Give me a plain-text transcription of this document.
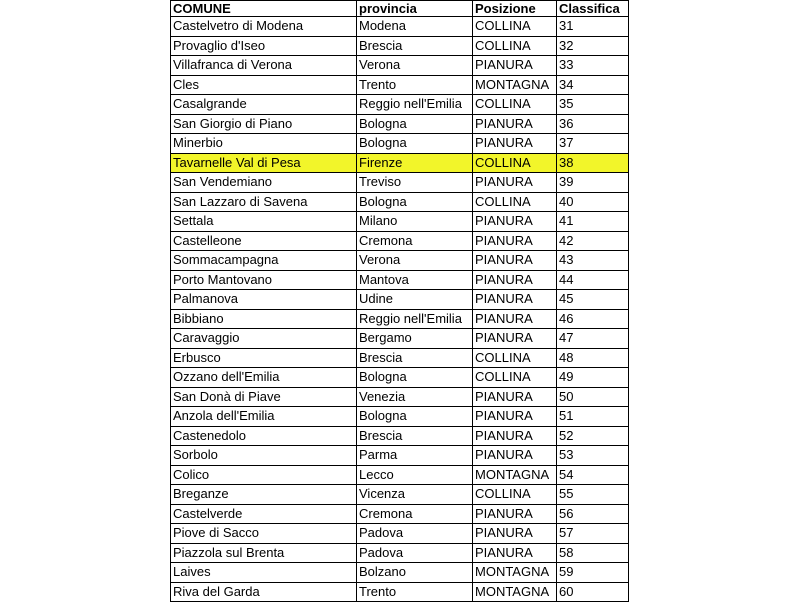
COMUNE	provincia	Posizione	Classifica
Castelvetro di Modena	Modena	COLLINA	31
Provaglio d'Iseo	Brescia	COLLINA	32
Villafranca di Verona	Verona	PIANURA	33
Cles	Trento	MONTAGNA	34
Casalgrande	Reggio nell'Emilia	COLLINA	35
San Giorgio di Piano	Bologna	PIANURA	36
Minerbio	Bologna	PIANURA	37
Tavarnelle Val di Pesa	Firenze	COLLINA	38
San Vendemiano	Treviso	PIANURA	39
San Lazzaro di Savena	Bologna	COLLINA	40
Settala	Milano	PIANURA	41
Castelleone	Cremona	PIANURA	42
Sommacampagna	Verona	PIANURA	43
Porto Mantovano	Mantova	PIANURA	44
Palmanova	Udine	PIANURA	45
Bibbiano	Reggio nell'Emilia	PIANURA	46
Caravaggio	Bergamo	PIANURA	47
Erbusco	Brescia	COLLINA	48
Ozzano dell'Emilia	Bologna	COLLINA	49
San Donà di Piave	Venezia	PIANURA	50
Anzola dell'Emilia	Bologna	PIANURA	51
Castenedolo	Brescia	PIANURA	52
Sorbolo	Parma	PIANURA	53
Colico	Lecco	MONTAGNA	54
Breganze	Vicenza	COLLINA	55
Castelverde	Cremona	PIANURA	56
Piove di Sacco	Padova	PIANURA	57
Piazzola sul Brenta	Padova	PIANURA	58
Laives	Bolzano	MONTAGNA	59
Riva del Garda	Trento	MONTAGNA	60
